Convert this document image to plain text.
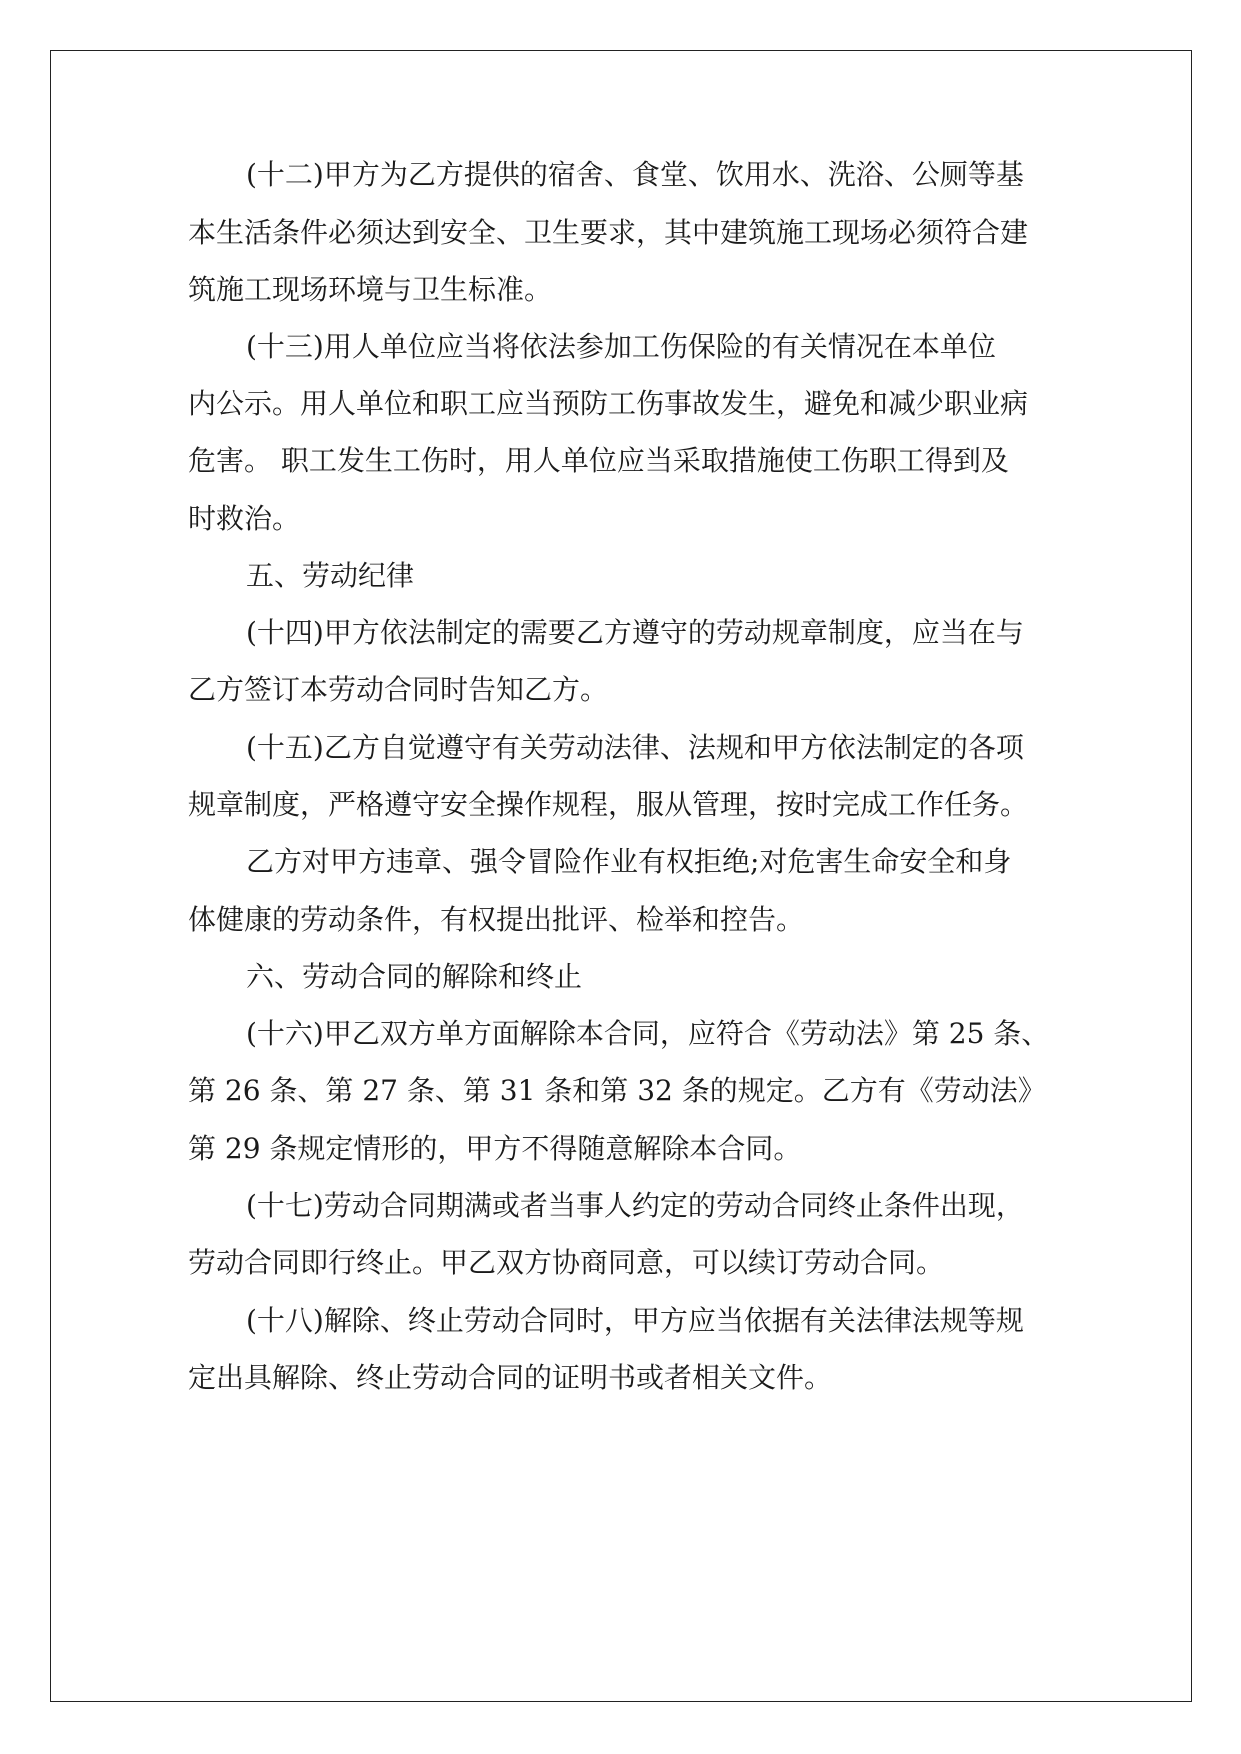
(十二)甲方为乙方提供的宿舍、食堂、饮用水、洗浴、公厕等基
本生活条件必须达到安全、卫生要求，其中建筑施工现场必须符合建
筑施工现场环境与卫生标准。
(十三)用人单位应当将依法参加工伤保险的有关情况在本单位
内公示。用人单位和职工应当预防工伤事故发生，避免和减少职业病
危害。 职工发生工伤时，用人单位应当采取措施使工伤职工得到及
时救治。
五、劳动纪律
(十四)甲方依法制定的需要乙方遵守的劳动规章制度，应当在与
乙方签订本劳动合同时告知乙方。
(十五)乙方自觉遵守有关劳动法律、法规和甲方依法制定的各项
规章制度，严格遵守安全操作规程，服从管理，按时完成工作任务。
乙方对甲方违章、强令冒险作业有权拒绝;对危害生命安全和身
体健康的劳动条件，有权提出批评、检举和控告。
六、劳动合同的解除和终止
(十六)甲乙双方单方面解除本合同，应符合《劳动法》第 25 条、
第 26 条、第 27 条、第 31 条和第 32 条的规定。乙方有《劳动法》
第 29 条规定情形的，甲方不得随意解除本合同。
(十七)劳动合同期满或者当事人约定的劳动合同终止条件出现，
劳动合同即行终止。甲乙双方协商同意，可以续订劳动合同。
(十八)解除、终止劳动合同时，甲方应当依据有关法律法规等规
定出具解除、终止劳动合同的证明书或者相关文件。
